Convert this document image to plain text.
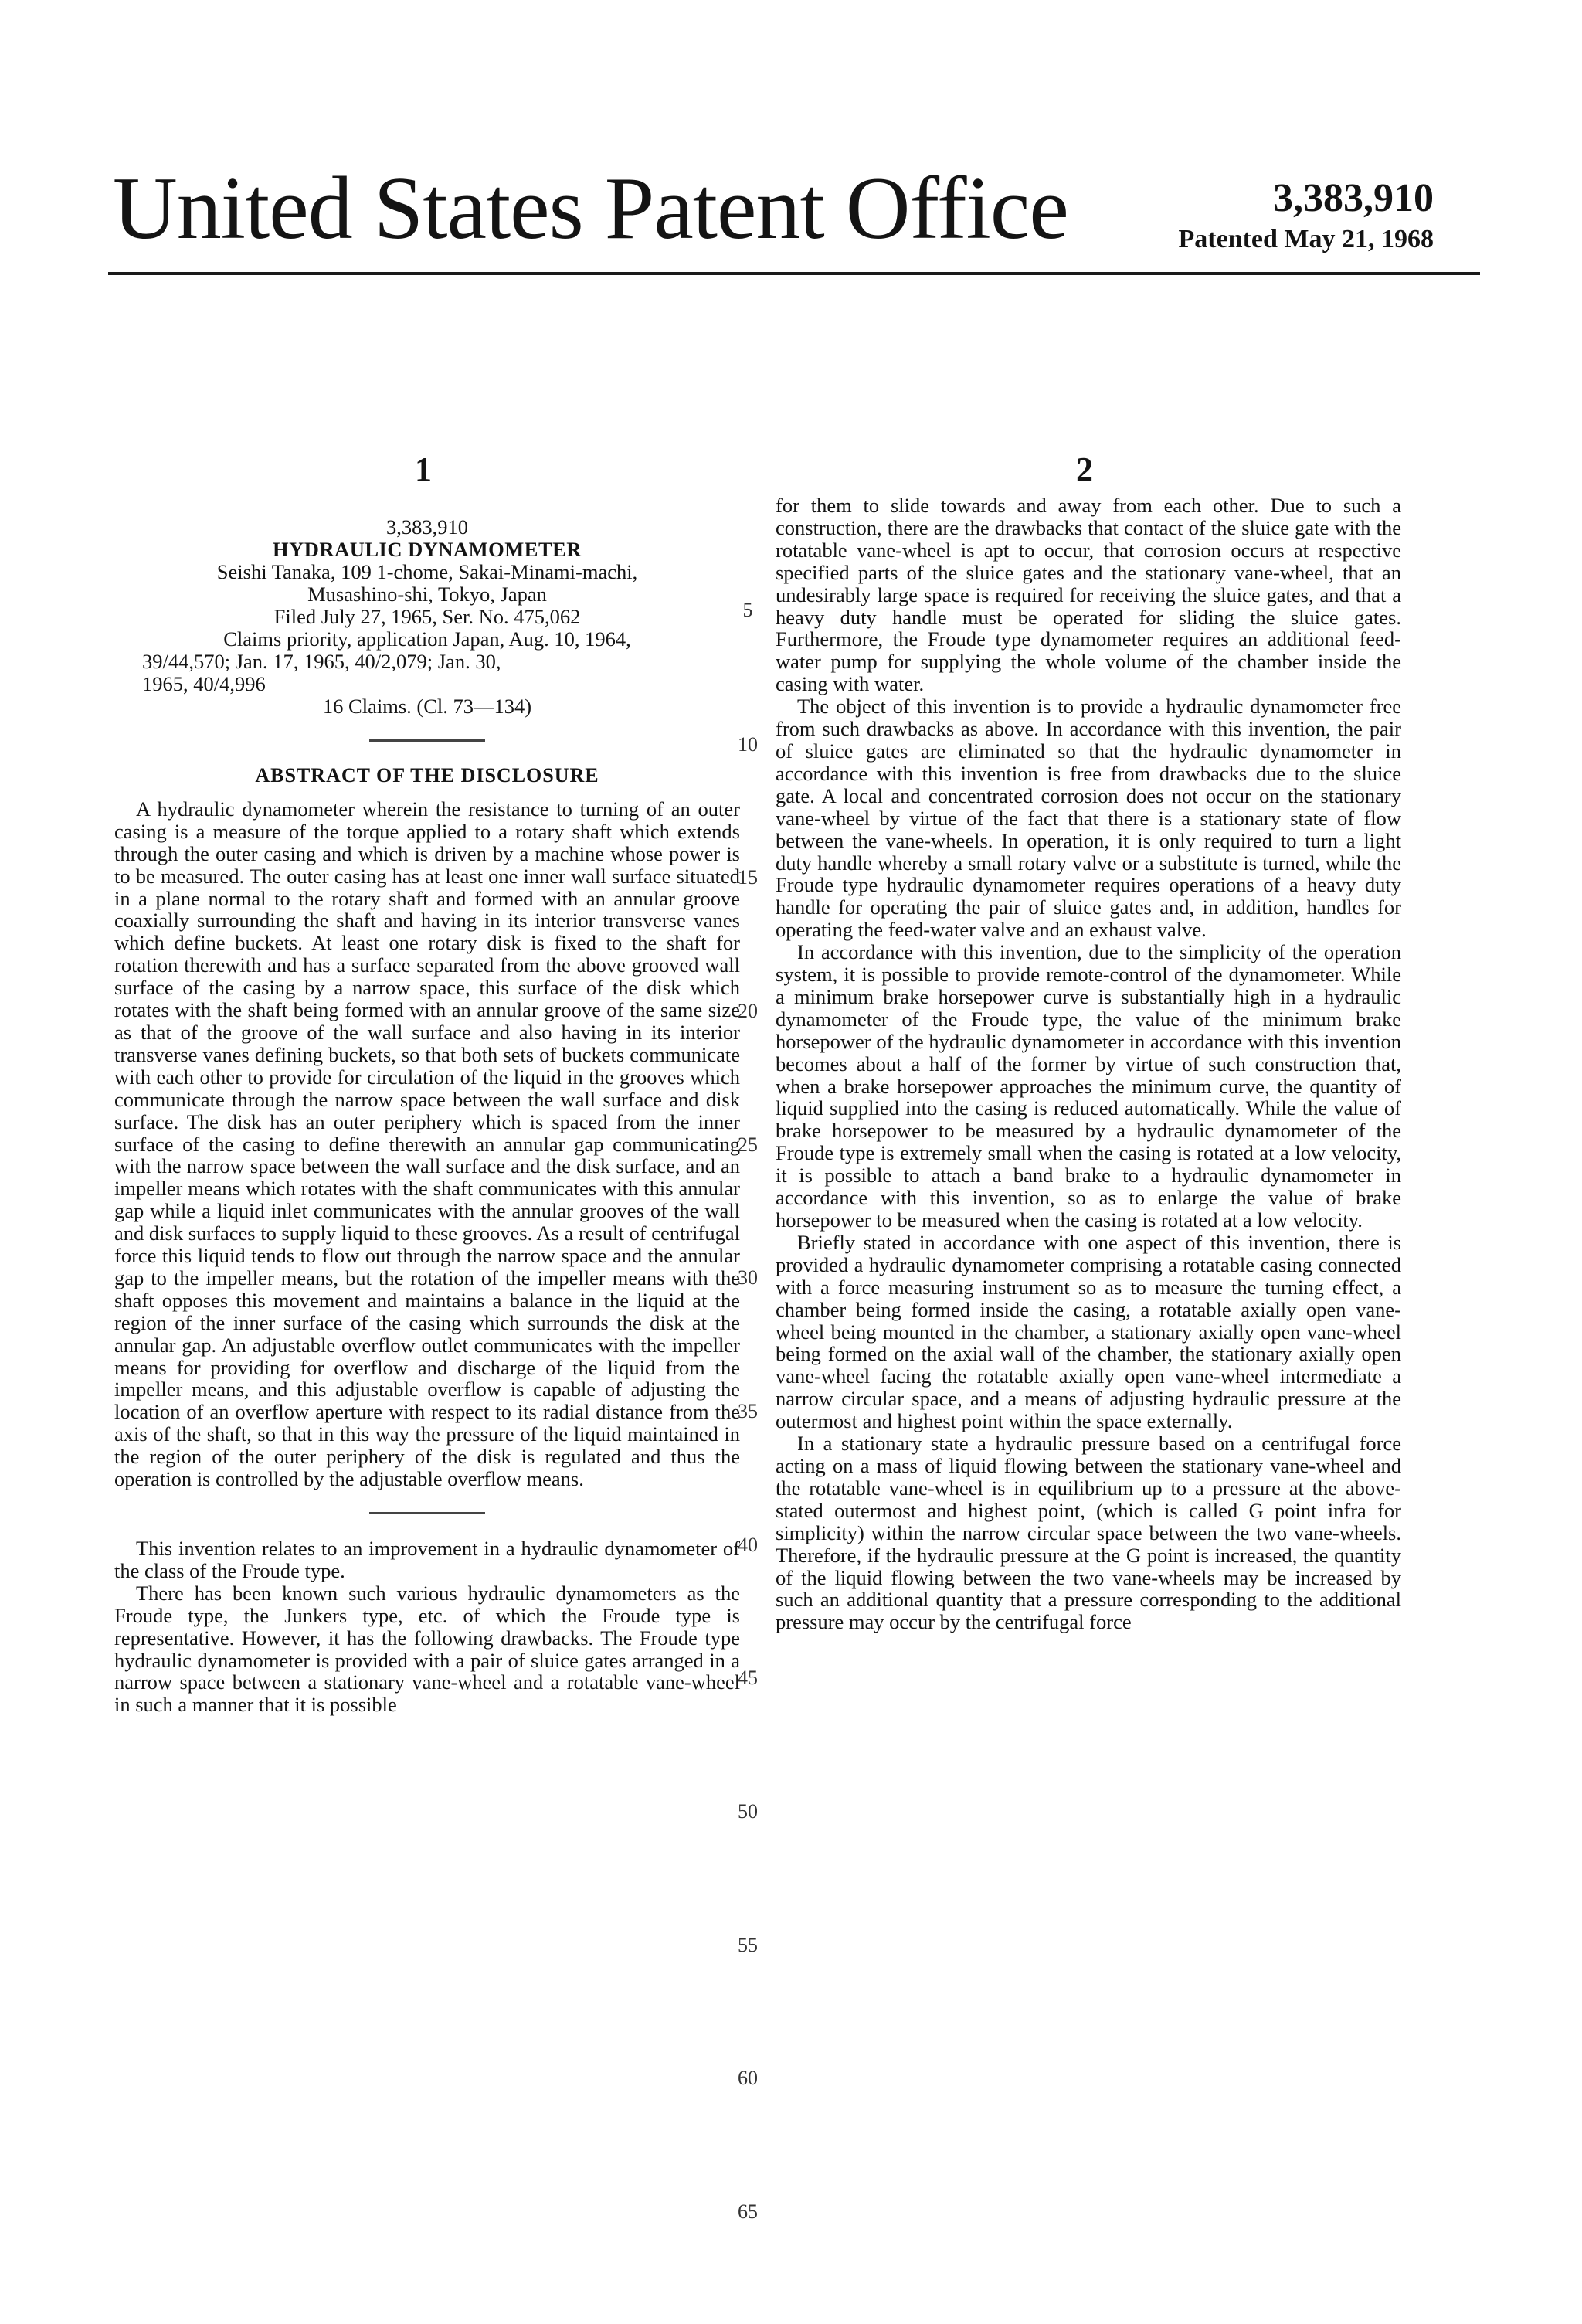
United States Patent Office	3,383,910
Patented May 21, 1968
1	2
3,383,910
HYDRAULIC DYNAMOMETER
Seishi Tanaka, 109 1-chome, Sakai-Minami-machi,
Musashino-shi, Tokyo, Japan
Filed July 27, 1965, Ser. No. 475,062
Claims priority, application Japan, Aug. 10, 1964,
39/44,570; Jan. 17, 1965, 40/2,079; Jan. 30,
1965, 40/4,996
16 Claims. (Cl. 73—134)
ABSTRACT OF THE DISCLOSURE

A hydraulic dynamometer wherein the resistance to turning of an outer casing is a measure of the torque applied to a rotary shaft which extends through the outer casing and which is driven by a machine whose power is to be measured. The outer casing has at least one inner wall surface situated in a plane normal to the rotary shaft and formed with an annular groove coaxially surrounding the shaft and having in its interior transverse vanes which define buckets. At least one rotary disk is fixed to the shaft for rotation therewith and has a surface separated from the above grooved wall surface of the casing by a narrow space, this surface of the disk which rotates with the shaft being formed with an annular groove of the same size as that of the groove of the wall surface and also having in its interior transverse vanes defining buckets, so that both sets of buckets communicate with each other to provide for circulation of the liquid in the grooves which communicate through the narrow space between the wall surface and disk surface. The disk has an outer periphery which is spaced from the inner surface of the casing to define therewith an annular gap communicating with the narrow space between the wall surface and the disk surface, and an impeller means which rotates with the shaft communicates with this annular gap while a liquid inlet communicates with the annular grooves of the wall and disk surfaces to supply liquid to these grooves. As a result of centrifugal force this liquid tends to flow out through the narrow space and the annular gap to the impeller means, but the rotation of the impeller means with the shaft opposes this movement and maintains a balance in the liquid at the region of the inner surface of the casing which surrounds the disk at the annular gap. An adjustable overflow outlet communicates with the impeller means for providing for overflow and discharge of the liquid from the impeller means, and this adjustable overflow is capable of adjusting the location of an overflow aperture with respect to its radial distance from the axis of the shaft, so that in this way the pressure of the liquid maintained in the region of the outer periphery of the disk is regulated and thus the operation is controlled by the adjustable overflow means.

This invention relates to an improvement in a hydraulic dynamometer of the class of the Froude type.

There has been known such various hydraulic dynamometers as the Froude type, the Junkers type, etc. of which the Froude type is representative. However, it has the following drawbacks. The Froude type hydraulic dynamometer is provided with a pair of sluice gates arranged in a narrow space between a stationary vane-wheel and a rotatable vane-wheel in such a manner that it is possible

for them to slide towards and away from each other. Due to such a construction, there are the drawbacks that contact of the sluice gate with the rotatable vane-wheel is apt to occur, that corrosion occurs at respective specified parts of the sluice gates and the stationary vane-wheel, that an undesirably large space is required for receiving the sluice gates, and that a heavy duty handle must be operated for sliding the sluice gates. Furthermore, the Froude type dynamometer requires an additional feed-water pump for supplying the whole volume of the chamber inside the casing with water.

The object of this invention is to provide a hydraulic dynamometer free from such drawbacks as above. In accordance with this invention, the pair of sluice gates are eliminated so that the hydraulic dynamometer in accordance with this invention is free from drawbacks due to the sluice gate. A local and concentrated corrosion does not occur on the stationary vane-wheel by virtue of the fact that there is a stationary state of flow between the vane-wheels. In operation, it is only required to turn a light duty handle whereby a small rotary valve or a substitute is turned, while the Froude type hydraulic dynamometer requires operations of a heavy duty handle for operating the pair of sluice gates and, in addition, handles for operating the feed-water valve and an exhaust valve.

In accordance with this invention, due to the simplicity of the operation system, it is possible to provide remote-control of the dynamometer. While a minimum brake horsepower curve is substantially high in a hydraulic dynamometer of the Froude type, the value of the minimum brake horsepower of the hydraulic dynamometer in accordance with this invention becomes about a half of the former by virtue of such construction that, when a brake horsepower approaches the minimum curve, the quantity of liquid supplied into the casing is reduced automatically. While the value of brake horsepower to be measured by a hydraulic dynamometer of the Froude type is extremely small when the casing is rotated at a low velocity, it is possible to attach a band brake to a hydraulic dynamometer in accordance with this invention, so as to enlarge the value of brake horsepower to be measured when the casing is rotated at a low velocity.

Briefly stated in accordance with one aspect of this invention, there is provided a hydraulic dynamometer comprising a rotatable casing connected with a force measuring instrument so as to measure the turning effect, a chamber being formed inside the casing, a rotatable axially open vane-wheel being mounted in the chamber, a stationary axially open vane-wheel being formed on the axial wall of the chamber, the stationary axially open vane-wheel facing the rotatable axially open vane-wheel intermediate a narrow circular space, and a means of adjusting hydraulic pressure at the outermost and highest point within the space externally.

In a stationary state a hydraulic pressure based on a centrifugal force acting on a mass of liquid flowing between the stationary vane-wheel and the rotatable vane-wheel is in equilibrium up to a pressure at the above-stated outermost and highest point, (which is called G point infra for simplicity) within the narrow circular space between the two vane-wheels. Therefore, if the hydraulic pressure at the G point is increased, the quantity of the liquid flowing between the two vane-wheels may be increased by such an additional quantity that a pressure corresponding to the additional pressure may occur by the centrifugal force

5
10
15
20
25
30
35
40
45
50
55
60
65
